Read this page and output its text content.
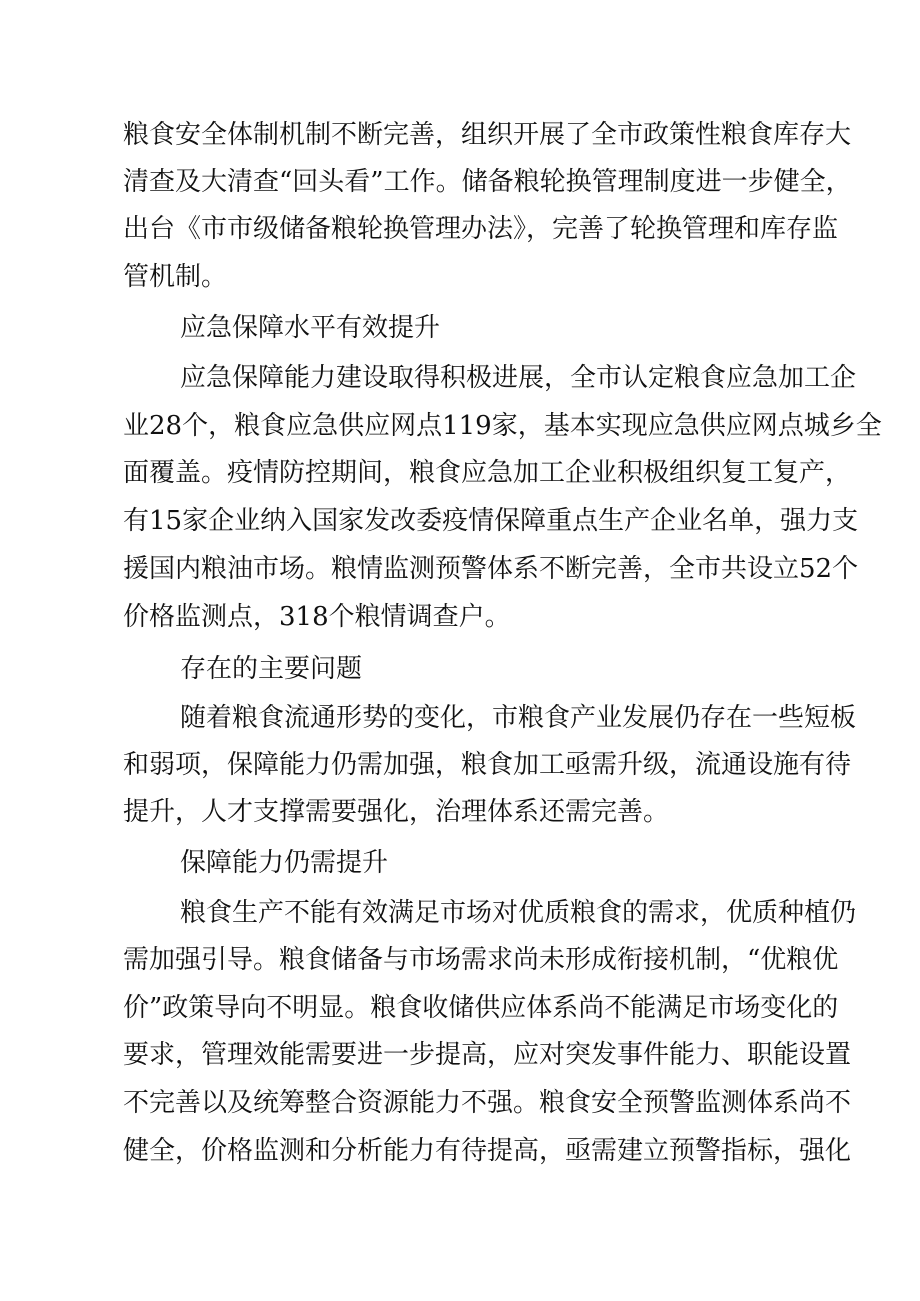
粮食安全体制机制不断完善，组织开展了全市政策性粮食库存大

清查及大清查“回头看”工作。储备粮轮换管理制度进一步健全，

出台《市市级储备粮轮换管理办法》，完善了轮换管理和库存监

管机制。

应急保障水平有效提升

应急保障能力建设取得积极进展，全市认定粮食应急加工企

业28个，粮食应急供应网点119家，基本实现应急供应网点城乡全

面覆盖。疫情防控期间，粮食应急加工企业积极组织复工复产，

有15家企业纳入国家发改委疫情保障重点生产企业名单，强力支

援国内粮油市场。粮情监测预警体系不断完善，全市共设立52个

价格监测点，318个粮情调查户。

存在的主要问题

随着粮食流通形势的变化，市粮食产业发展仍存在一些短板

和弱项，保障能力仍需加强，粮食加工亟需升级，流通设施有待

提升，人才支撑需要强化，治理体系还需完善。

保障能力仍需提升

粮食生产不能有效满足市场对优质粮食的需求，优质种植仍

需加强引导。粮食储备与市场需求尚未形成衔接机制，“优粮优

价”政策导向不明显。粮食收储供应体系尚不能满足市场变化的

要求，管理效能需要进一步提高，应对突发事件能力、职能设置

不完善以及统筹整合资源能力不强。粮食安全预警监测体系尚不

健全，价格监测和分析能力有待提高，亟需建立预警指标，强化
